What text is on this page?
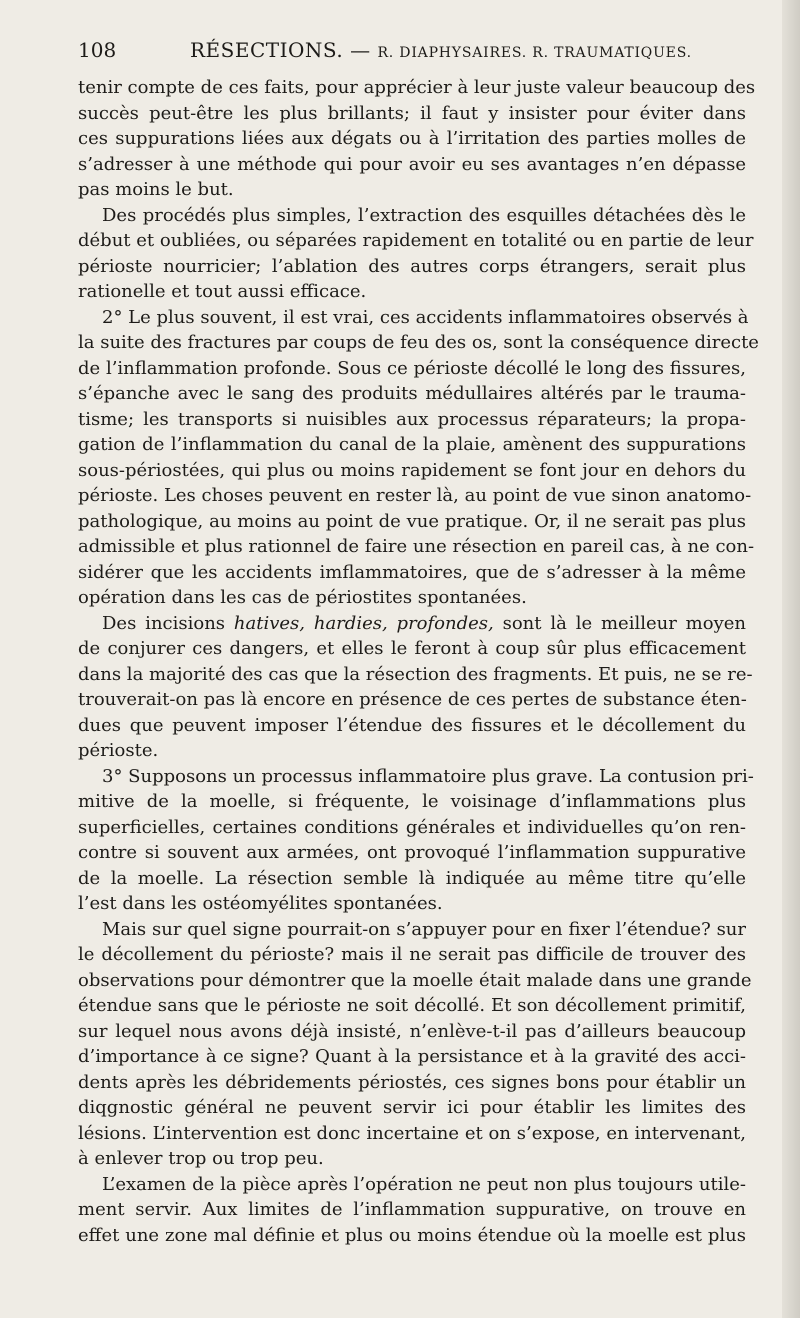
108	RÉSECTIONS. — R. DIAPHYSAIRES. R. TRAUMATIQUES.
tenir compte de ces faits, pour apprécier à leur juste valeur beaucoup des
succès peut-être les plus brillants; il faut y insister pour éviter dans
ces suppurations liées aux dégats ou à l’irritation des parties molles de
s’adresser à une méthode qui pour avoir eu ses avantages n’en dépasse
pas moins le but.
Des procédés plus simples, l’extraction des esquilles détachées dès le
début et oubliées, ou séparées rapidement en totalité ou en partie de leur
périoste nourricier; l’ablation des autres corps étrangers, serait plus
rationelle et tout aussi efficace.
2° Le plus souvent, il est vrai, ces accidents inflammatoires observés à
la suite des fractures par coups de feu des os, sont la conséquence directe
de l’inflammation profonde. Sous ce périoste décollé le long des fissures,
s’épanche avec le sang des produits médullaires altérés par le trauma-
tisme; les transports si nuisibles aux processus réparateurs; la propa-
gation de l’inflammation du canal de la plaie, amènent des suppurations
sous-périostées, qui plus ou moins rapidement se font jour en dehors du
périoste. Les choses peuvent en rester là, au point de vue sinon anatomo-
pathologique, au moins au point de vue pratique. Or, il ne serait pas plus
admissible et plus rationnel de faire une résection en pareil cas, à ne con-
sidérer que les accidents imflammatoires, que de s’adresser à la même
opération dans les cas de périostites spontanées.
Des incisions hatives, hardies, profondes, sont là le meilleur moyen
de conjurer ces dangers, et elles le feront à coup sûr plus efficacement
dans la majorité des cas que la résection des fragments. Et puis, ne se re-
trouverait-on pas là encore en présence de ces pertes de substance éten-
dues que peuvent imposer l’étendue des fissures et le décollement du
périoste.
3° Supposons un processus inflammatoire plus grave. La contusion pri-
mitive de la moelle, si fréquente, le voisinage d’inflammations plus
superficielles, certaines conditions générales et individuelles qu’on ren-
contre si souvent aux armées, ont provoqué l’inflammation suppurative
de la moelle. La résection semble là indiquée au même titre qu’elle
l’est dans les ostéomyélites spontanées.
Mais sur quel signe pourrait-on s’appuyer pour en fixer l’étendue? sur
le décollement du périoste? mais il ne serait pas difficile de trouver des
observations pour démontrer que la moelle était malade dans une grande
étendue sans que le périoste ne soit décollé. Et son décollement primitif,
sur lequel nous avons déjà insisté, n’enlève-t-il pas d’ailleurs beaucoup
d’importance à ce signe? Quant à la persistance et à la gravité des acci-
dents après les débridements périostés, ces signes bons pour établir un
diqgnostic général ne peuvent servir ici pour établir les limites des
lésions. L’intervention est donc incertaine et on s’expose, en intervenant,
à enlever trop ou trop peu.
L’examen de la pièce après l’opération ne peut non plus toujours utile-
ment servir. Aux limites de l’inflammation suppurative, on trouve en
effet une zone mal définie et plus ou moins étendue où la moelle est plus
